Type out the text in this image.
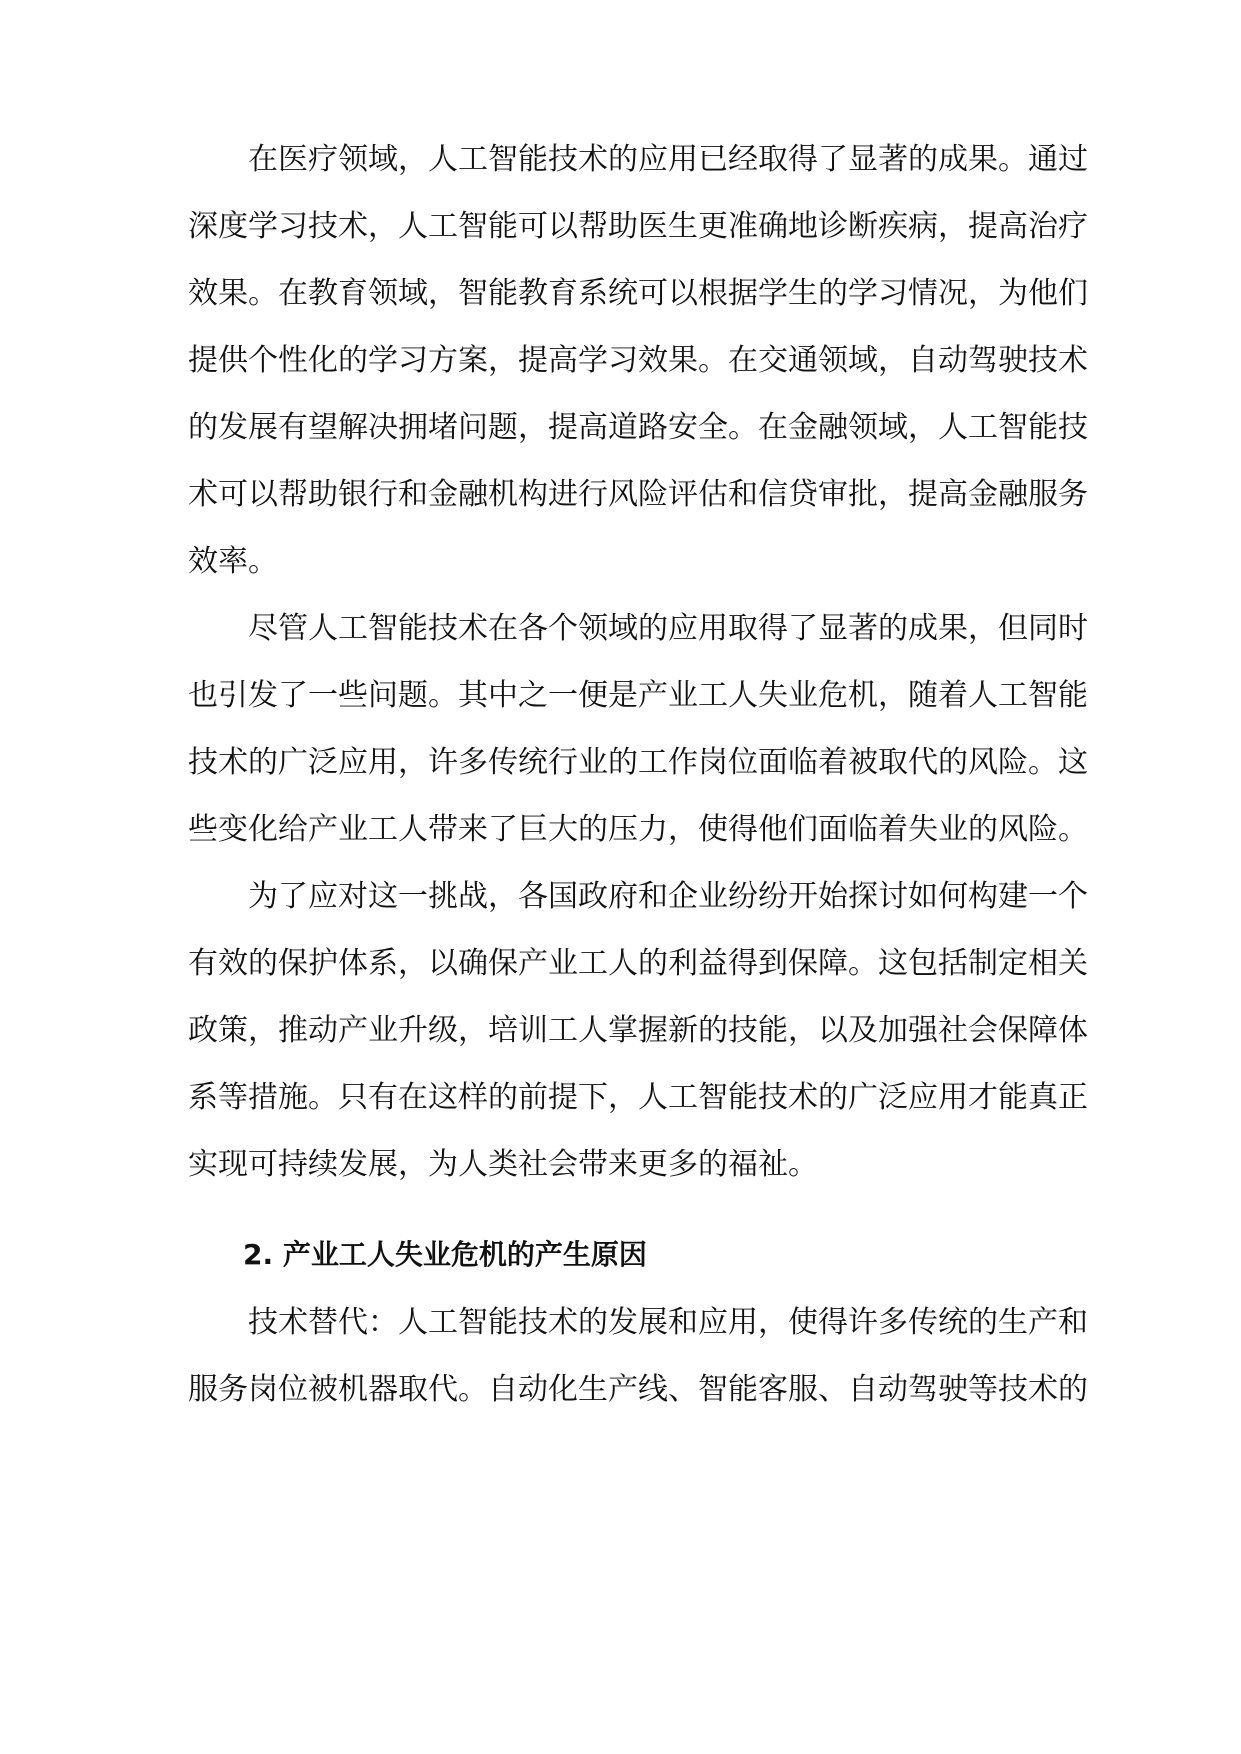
在医疗领域，人工智能技术的应用已经取得了显著的成果。通过
深度学习技术，人工智能可以帮助医生更准确地诊断疾病，提高治疗
效果。在教育领域，智能教育系统可以根据学生的学习情况，为他们
提供个性化的学习方案，提高学习效果。在交通领域，自动驾驶技术
的发展有望解决拥堵问题，提高道路安全。在金融领域，人工智能技
术可以帮助银行和金融机构进行风险评估和信贷审批，提高金融服务
效率。
尽管人工智能技术在各个领域的应用取得了显著的成果，但同时
也引发了一些问题。其中之一便是产业工人失业危机，随着人工智能
技术的广泛应用，许多传统行业的工作岗位面临着被取代的风险。这
些变化给产业工人带来了巨大的压力，使得他们面临着失业的风险。
为了应对这一挑战，各国政府和企业纷纷开始探讨如何构建一个
有效的保护体系，以确保产业工人的利益得到保障。这包括制定相关
政策，推动产业升级，培训工人掌握新的技能，以及加强社会保障体
系等措施。只有在这样的前提下，人工智能技术的广泛应用才能真正
实现可持续发展，为人类社会带来更多的福祉。
2. 产业工人失业危机的产生原因
技术替代：人工智能技术的发展和应用，使得许多传统的生产和
服务岗位被机器取代。自动化生产线、智能客服、自动驾驶等技术的
